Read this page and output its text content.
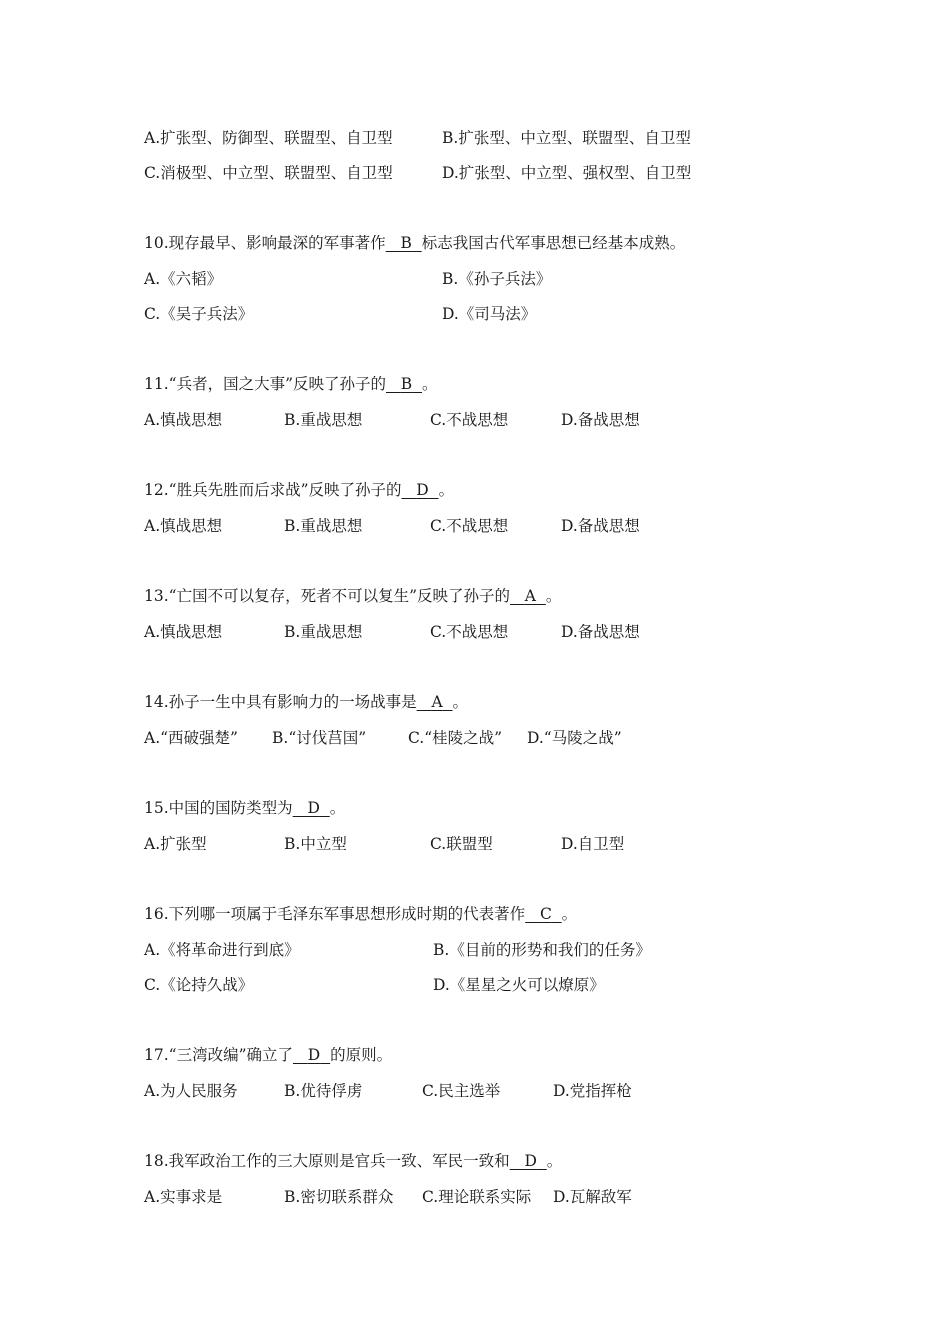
A.扩张型、防御型、联盟型、自卫型	B.扩张型、中立型、联盟型、自卫型
C.消极型、中立型、联盟型、自卫型	D.扩张型、中立型、强权型、自卫型
10.现存最早、影响最深的军事著作 B 标志我国古代军事思想已经基本成熟。
A.《六韬》	B.《孙子兵法》
C.《吴子兵法》	D.《司马法》
11.“兵者，国之大事”反映了孙子的 B 。
A.慎战思想	B.重战思想	C.不战思想	D.备战思想
12.“胜兵先胜而后求战”反映了孙子的 D 。
A.慎战思想	B.重战思想	C.不战思想	D.备战思想
13.“亡国不可以复存，死者不可以复生”反映了孙子的 A 。
A.慎战思想	B.重战思想	C.不战思想	D.备战思想
14.孙子一生中具有影响力的一场战事是 A 。
A.“西破强楚” B.“讨伐莒国”	C.“桂陵之战” D.“马陵之战”
15.中国的国防类型为 D 。
A.扩张型	B.中立型	C.联盟型	D.自卫型
16.下列哪一项属于毛泽东军事思想形成时期的代表著作 C 。
A.《将革命进行到底》	B.《目前的形势和我们的任务》
C.《论持久战》	D.《星星之火可以燎原》
17.“三湾改编”确立了 D 的原则。
A.为人民服务	B.优待俘虏	C.民主选举	D.党指挥枪
18.我军政治工作的三大原则是官兵一致、军民一致和 D 。
A.实事求是	B.密切联系群众 C.理论联系实际 D.瓦解敌军
